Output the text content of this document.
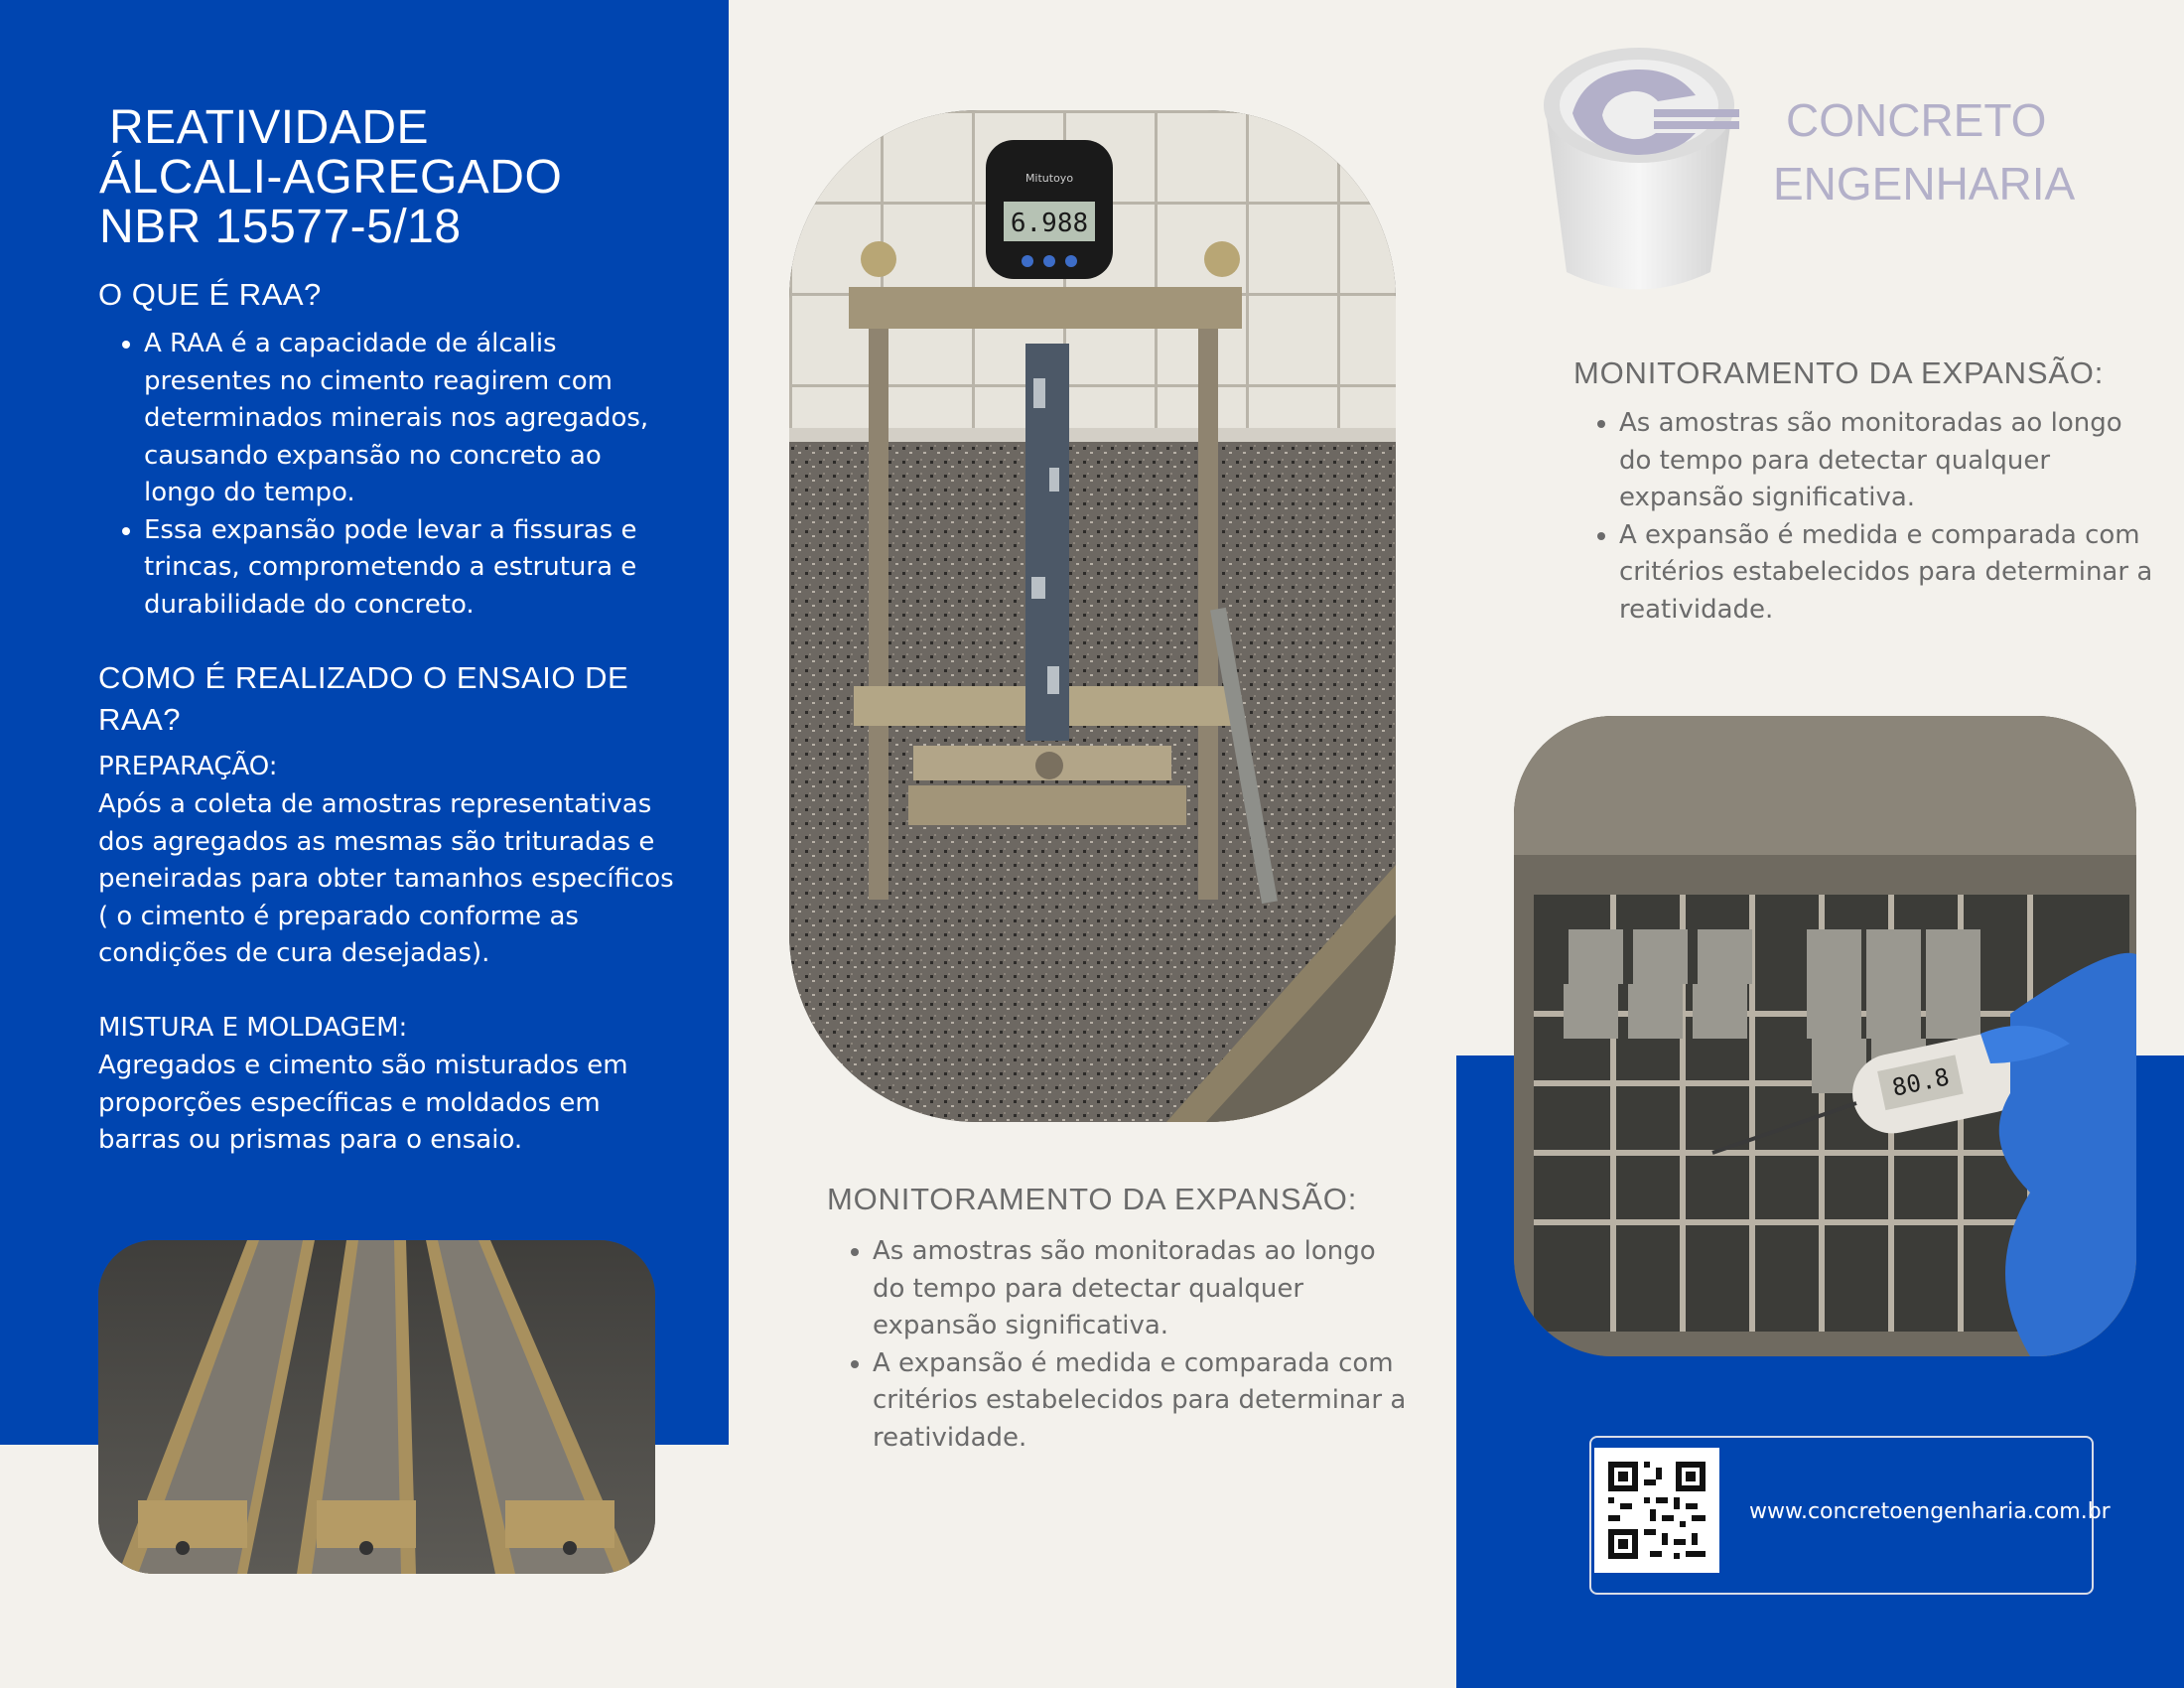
REATIVIDADE
ÁLCALI-AGREGADO
NBR 15577-5/18
O QUE É RAA?
• A RAA é a capacidade de álcalis presentes no cimento reagirem com determinados minerais nos agregados, causando expansão no concreto ao longo do tempo.
• Essa expansão pode levar a fissuras e trincas, comprometendo a estrutura e durabilidade do concreto.
COMO É REALIZADO O ENSAIO DE RAA?
PREPARAÇÃO:
Após a coleta de amostras representativas dos agregados as mesmas são trituradas e peneiradas para obter tamanhos específicos ( o cimento é preparado conforme as condições de cura desejadas).
MISTURA E MOLDAGEM:
Agregados e cimento são misturados em proporções específicas e moldados em barras ou prismas para o ensaio.
6.988
Mitutoyo
MONITORAMENTO DA EXPANSÃO:
• As amostras são monitoradas ao longo do tempo para detectar qualquer expansão significativa.
• A expansão é medida e comparada com critérios estabelecidos para determinar a reatividade.
CONCRETO
ENGENHARIA
MONITORAMENTO DA EXPANSÃO:
• As amostras são monitoradas ao longo do tempo para detectar qualquer expansão significativa.
• A expansão é medida e comparada com critérios estabelecidos para determinar a reatividade.
80.8
www.concretoengenharia.com.br
